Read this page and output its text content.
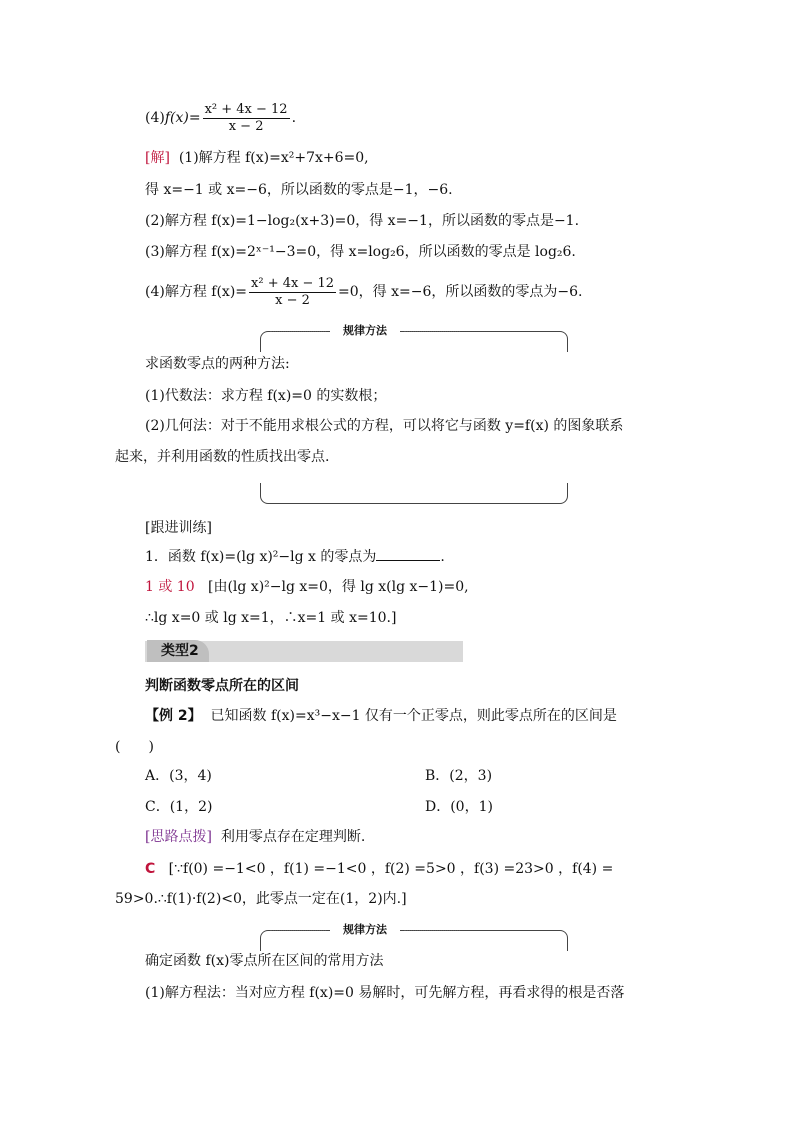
$(4)f(x)= \frac{\text{x² + 4x − 12}}{x - 2}$ .
[解] (1)解方程 f(x)=x²+7x+6=0,
得 x=−1 或 x=−6，所以函数的零点是−1，−6.
(2)解方程 f(x)=1−log₂(x+3)=0，得 x=−1，所以函数的零点是−1.
(3)解方程 f(x)=2ˣ⁻¹−3=0，得 x=log₂6，所以函数的零点是 log₂6.
(4)解方程 $f(x)= \frac{\text{x² + 4x − 12}}{x - 2} =0$，得 x=−6，所以函数的零点为−6.
规律方法
求函数零点的两种方法:
(1)代数法：求方程 f(x)=0 的实数根；
(2)几何法：对于不能用求根公式的方程，可以将它与函数 y=f(x) 的图象联系
起来，并利用函数的性质找出零点.
[跟进训练]
1．函数 f(x)=(lg x)²−lg x 的零点为	.
1 或 10 [由(lg x)²−lg x=0，得 lg x(lg x−1)=0,
∴lg x=0 或 lg x=1，∴x=1 或 x=10.]
类型2
判断函数零点所在的区间
【例 2】 已知函数 f(x)=x³−x−1 仅有一个正零点，则此零点所在的区间是
(　　)
A．(3，4)	B．(2，3)
C．(1，2)	D．(0，1)
[思路点拨] 利用零点存在定理判断.
C [∵f(0) =−1<0 ，f(1) =−1<0 ，f(2) =5>0 ，f(3) =23>0 ，f(4) =
59>0.∴f(1)·f(2)<0，此零点一定在(1，2)内.]
规律方法
确定函数 f(x)零点所在区间的常用方法
(1)解方程法：当对应方程 f(x)=0 易解时，可先解方程，再看求得的根是否落
